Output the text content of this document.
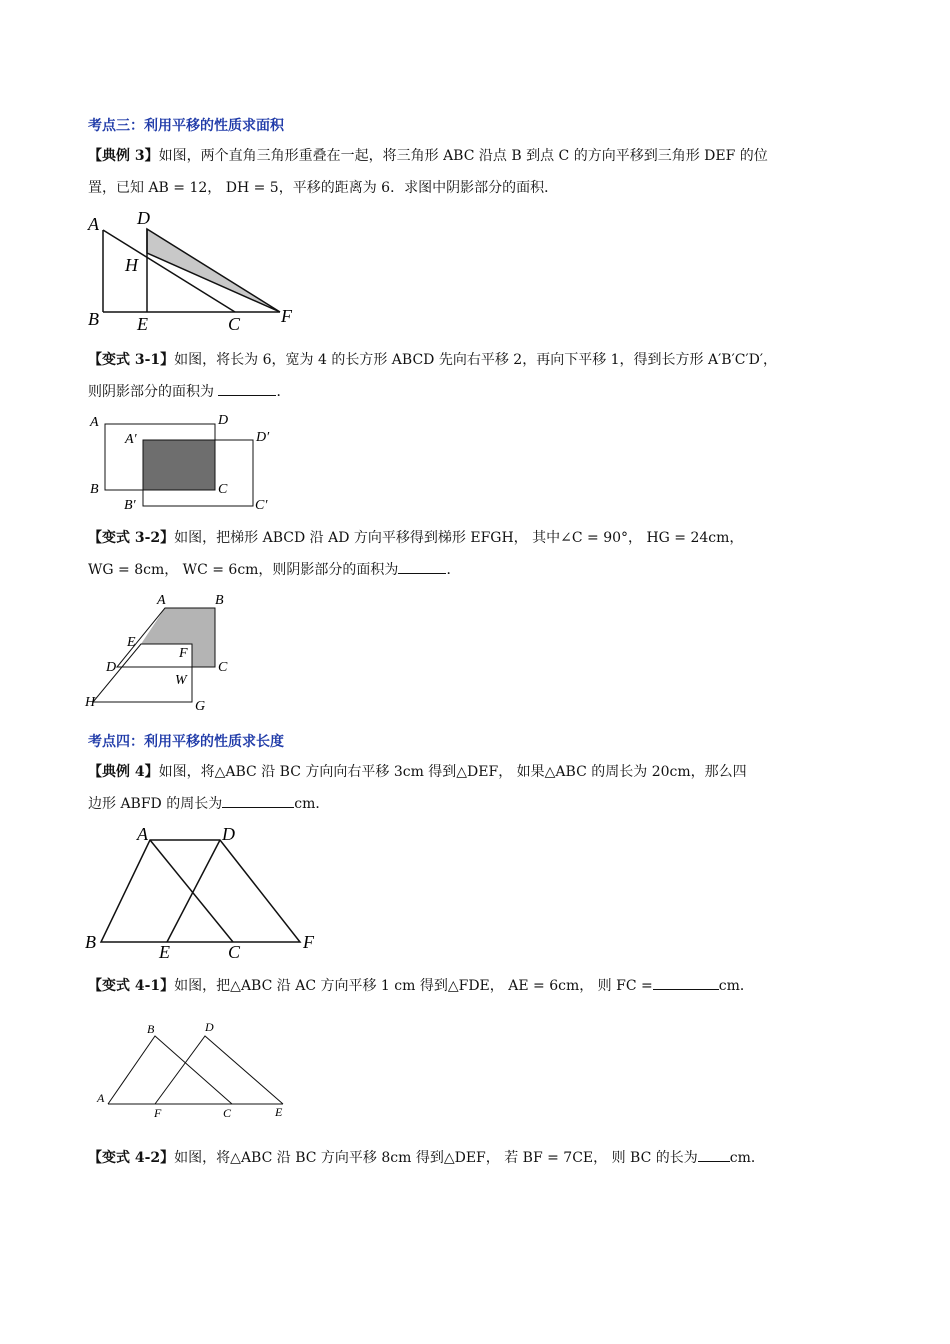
考点三：利用平移的性质求面积
【典例 3】如图，两个直角三角形重叠在一起，将三角形 ABC 沿点 B 到点 C 的方向平移到三角形 DEF 的位
置，已知 AB = 12， DH = 5，平移的距离为 6．求图中阴影部分的面积．
A D
H
B E	C F
【变式 3-1】如图，将长为 6，宽为 4 的长方形 ABCD 先向右平移 2，再向下平移 1，得到长方形 A′B′C′D′，
则阴影部分的面积为	．
A	D
A′	D′
B	C
B′	C′
【变式 3-2】如图，把梯形 ABCD 沿 AD 方向平移得到梯形 EFGH， 其中∠C = 90°， HG = 24cm，
WG = 8cm， WC = 6cm，则阴影部分的面积为	．
A	B
E
F
C
D
W
H	G
考点四：利用平移的性质求长度
【典例 4】如图，将△ABC 沿 BC 方向向右平移 3cm 得到△DEF， 如果△ABC 的周长为 20cm，那么四
边形 ABFD 的周长为	cm．
A	D
B	E	C	F
【变式 4-1】如图，把△ABC 沿 AC 方向平移 1 cm 得到△FDE， AE = 6cm， 则 FC =	cm．
B	D
A
F	C	E
【变式 4-2】如图，将△ABC 沿 BC 方向平移 8cm 得到△DEF， 若 BF = 7CE， 则 BC 的长为 cm．
